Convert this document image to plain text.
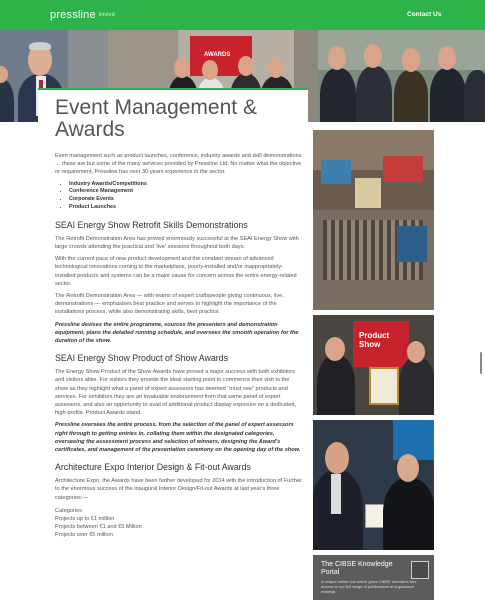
pressline limited	Contact Us
AWARDS
Event Management & Awards

Even management such as product launches, conference, industry awards and skill demonstrations … these are but some of the many services provided by Pressline Ltd. No matter what the objective or requirement, Pressline has over 30 years experience in the sector.

• Industry Awards/Competitions
• Conference Management
• Corporate Events
• Product Launches
SEAI Energy Show Retrofit Skills Demonstrations

The Retrofit Demonstration Area has proved enormously successful at the SEAI Energy Show with large crowds attending the practical and 'live' sessions throughout both days.

With the current pace of new product development and the constant stream of advanced technological innovations coming to the marketplace, poorly-installed and/or inappropriately-installed products and systems can be a major cause for concern across the entire energy-related sector.

The Retrofit Demonstration Area — with teams of expert craftspeople giving continuous, live, demonstrations — emphasises best practice and serves to highlight the importance of the installations process, while also demonstrating skills, best practice.

Pressline devises the entire programme, sources the presenters and demonstration equipment, plans the detailed running schedule, and oversees the smooth operation for the duration of the show.

SEAI Energy Show Product of Show Awards

The Energy Show Product of the Show Awards have proved a major success with both exhibitors and visitors alike. For visitors they provide the ideal starting point to commence their visit to the show as they highlight what a panel of expert assessors has deemed "must see" products and services. For exhibitors they are an invaluable endorsement from that same panel of expert assessors, and also an opportunity to avail of additional product display exposure on a dedicated, high-profile, Product Awards stand.

Pressline oversees the entire process, from the selection of the panel of expert assessors right through to getting entries in, collating them within the designated categories, overseeing the assessment process and selection of winners, designing the Award's certificates, and management of the presentation ceremony on the opening day of the show.

Architecture Expo Interior Design & Fit-out Awards

Architecture Expo, the Awards have been further developed for 2014 with the introduction of Further to the enormous success of the inaugural Interior Design/Fit-out Awards at last year's three categories:—

Categories

Projects up to €1 million

Projects between €1 and €5 Million

Projects over €5 million

Product Show
The CIBSE Knowledge Portal
A unique online tool which gives CIBSE members free access to our full range of publications and guidance material
